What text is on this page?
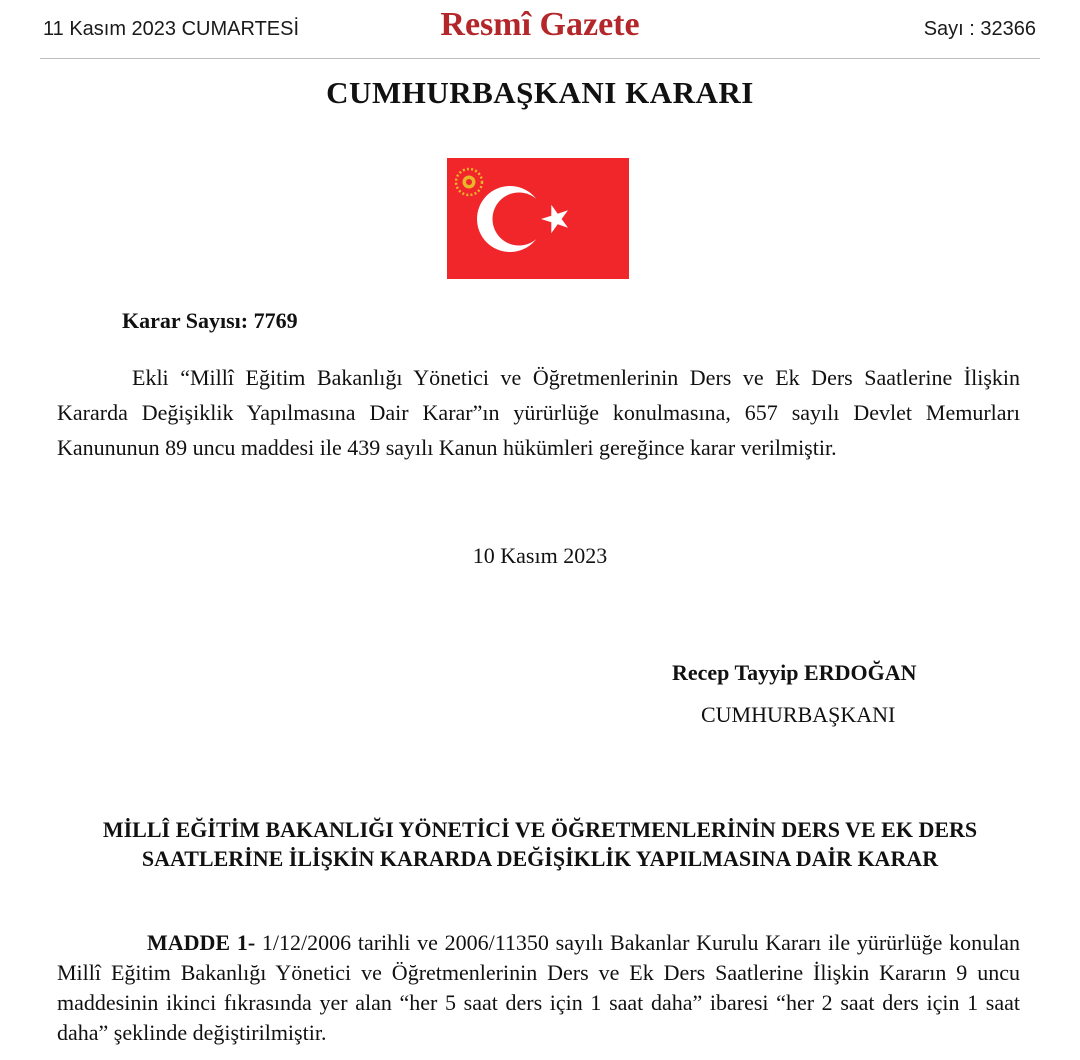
11 Kasım 2023 CUMARTESİ	Resmî Gazete	Sayı : 32366
CUMHURBAŞKANI KARARI
Karar Sayısı: 7769

Ekli “Millî Eğitim Bakanlığı Yönetici ve Öğretmenlerinin Ders ve Ek Ders Saatlerine İlişkin Kararda Değişiklik Yapılmasına Dair Karar”ın yürürlüğe konulmasına, 657 sayılı Devlet Memurları Kanununun 89 uncu maddesi ile 439 sayılı Kanun hükümleri gereğince karar verilmiştir.

10 Kasım 2023
Recep Tayyip ERDOĞAN
CUMHURBAŞKANI

MİLLÎ EĞİTİM BAKANLIĞI YÖNETİCİ VE ÖĞRETMENLERİNİN DERS VE EK DERS SAATLERİNE İLİŞKİN KARARDA DEĞİŞİKLİK YAPILMASINA DAİR KARAR

MADDE 1- 1/12/2006 tarihli ve 2006/11350 sayılı Bakanlar Kurulu Kararı ile yürürlüğe konulan Millî Eğitim Bakanlığı Yönetici ve Öğretmenlerinin Ders ve Ek Ders Saatlerine İlişkin Kararın 9 uncu maddesinin ikinci fıkrasında yer alan “her 5 saat ders için 1 saat daha” ibaresi “her 2 saat ders için 1 saat daha” şeklinde değiştirilmiştir.
